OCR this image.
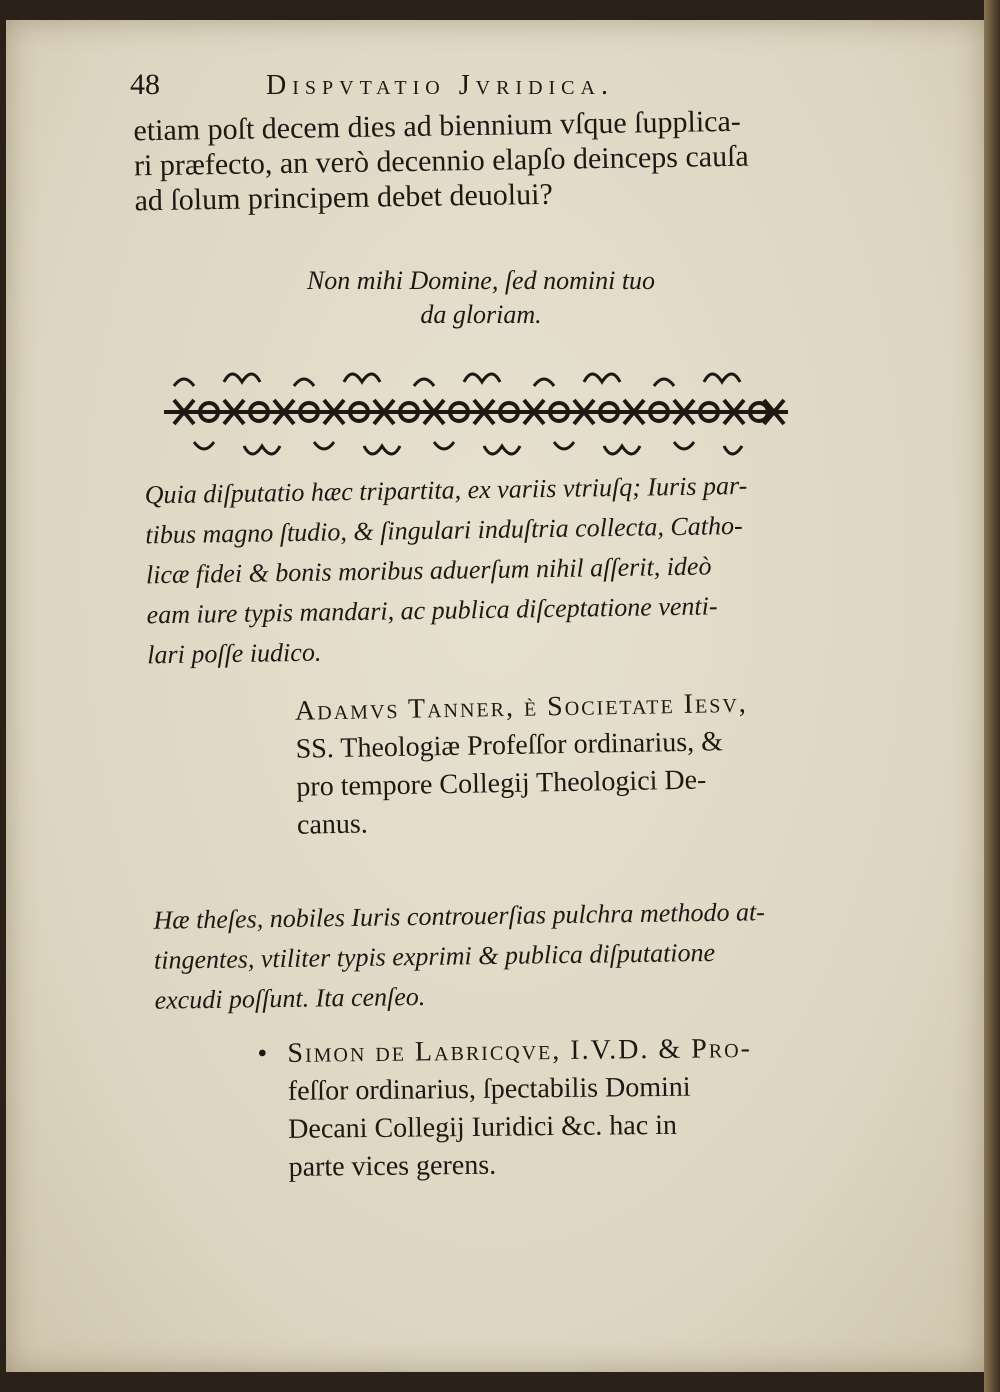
48	Dispvtatio Jvridica.
etiam poſt decem dies ad biennium vſque ſupplica-
ri præfecto, an verò decennio elapſo deinceps cauſa
ad ſolum principem debet deuolui?
Non mihi Domine, ſed nomini tuo
da gloriam.
Quia diſputatio hæc tripartita, ex variis vtriuſq; Iuris par-
tibus magno ſtudio, & ſingulari induſtria collecta, Catho-
licæ fidei & bonis moribus aduerſum nihil aſſerit, ideò
eam iure typis mandari, ac publica diſceptatione venti-
lari poſſe iudico.
Adamvs Tanner, è Societate Iesv,
SS. Theologiæ Profeſſor ordinarius, &
pro tempore Collegij Theologici De-
canus.
Hæ theſes, nobiles Iuris controuerſias pulchra methodo at-
tingentes, vtiliter typis exprimi & publica diſputatione
excudi poſſunt. Ita cenſeo.
• Simon de Labricqve, I.V.D. & Pro-
feſſor ordinarius, ſpectabilis Domini
Decani Collegij Iuridici &c. hac in
parte vices gerens.
